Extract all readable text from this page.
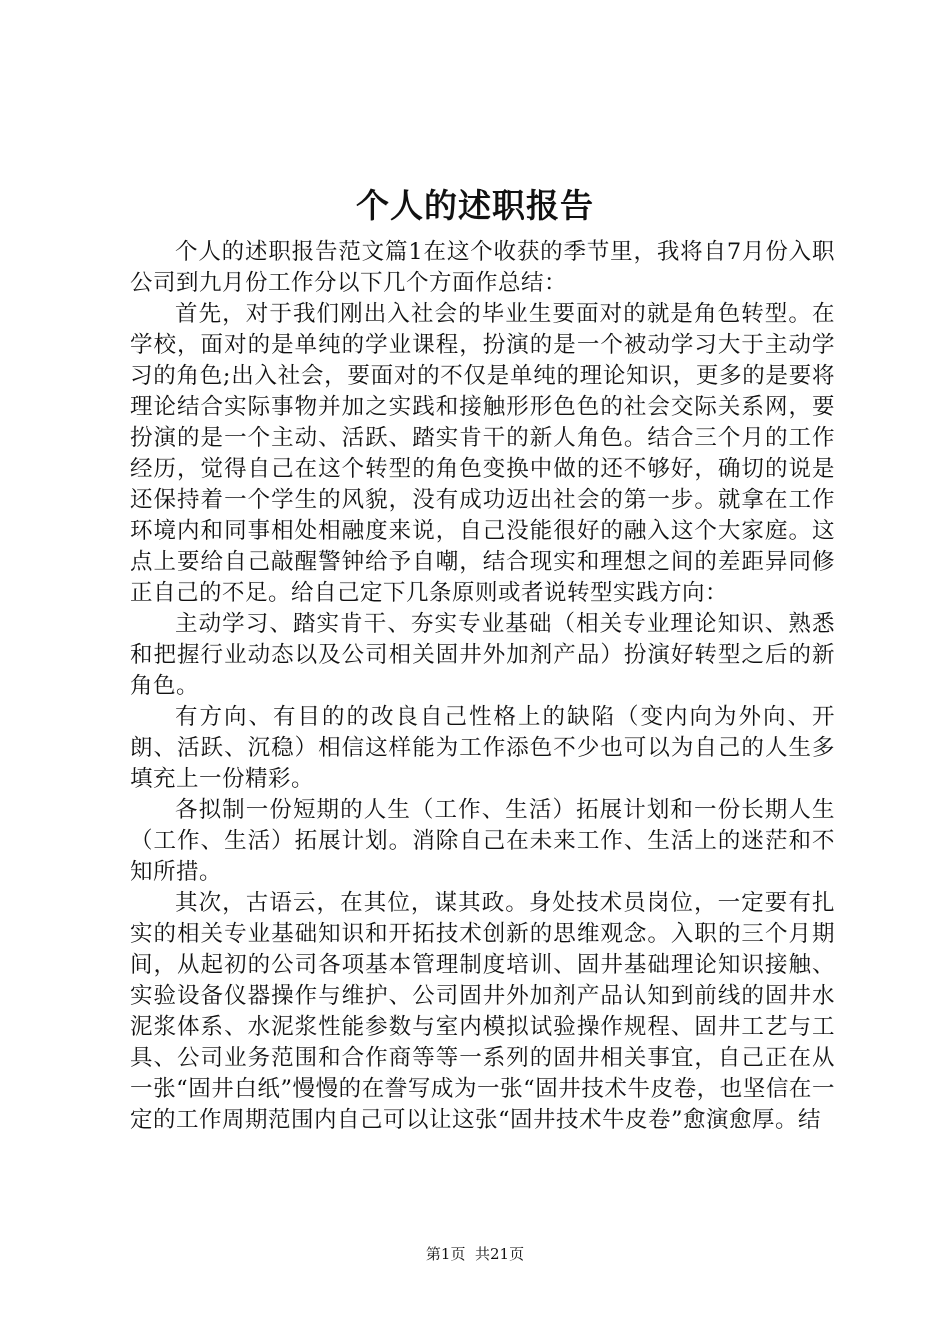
个人的述职报告

个人的述职报告范文篇1在这个收获的季节里，我将自7月份入职公司到九月份工作分以下几个方面作总结：

首先，对于我们刚出入社会的毕业生要面对的就是角色转型。在学校，面对的是单纯的学业课程，扮演的是一个被动学习大于主动学习的角色;出入社会，要面对的不仅是单纯的理论知识，更多的是要将理论结合实际事物并加之实践和接触形形色色的社会交际关系网，要扮演的是一个主动、活跃、踏实肯干的新人角色。结合三个月的工作经历，觉得自己在这个转型的角色变换中做的还不够好，确切的说是还保持着一个学生的风貌，没有成功迈出社会的第一步。就拿在工作环境内和同事相处相融度来说，自己没能很好的融入这个大家庭。这点上要给自己敲醒警钟给予自嘲，结合现实和理想之间的差距异同修正自己的不足。给自己定下几条原则或者说转型实践方向：

主动学习、踏实肯干、夯实专业基础（相关专业理论知识、熟悉和把握行业动态以及公司相关固井外加剂产品）扮演好转型之后的新角色。

有方向、有目的的改良自己性格上的缺陷（变内向为外向、开朗、活跃、沉稳）相信这样能为工作添色不少也可以为自己的人生多填充上一份精彩。

各拟制一份短期的人生（工作、生活）拓展计划和一份长期人生（工作、生活）拓展计划。消除自己在未来工作、生活上的迷茫和不知所措。

其次，古语云，在其位，谋其政。身处技术员岗位，一定要有扎实的相关专业基础知识和开拓技术创新的思维观念。入职的三个月期间，从起初的公司各项基本管理制度培训、固井基础理论知识接触、实验设备仪器操作与维护、公司固井外加剂产品认知到前线的固井水泥浆体系、水泥浆性能参数与室内模拟试验操作规程、固井工艺与工具、公司业务范围和合作商等等一系列的固井相关事宜，自己正在从一张“固井白纸”慢慢的在誊写成为一张“固井技术牛皮卷，也坚信在一定的工作周期范围内自己可以让这张“固井技术牛皮卷”愈演愈厚。结

第1页 共21页
